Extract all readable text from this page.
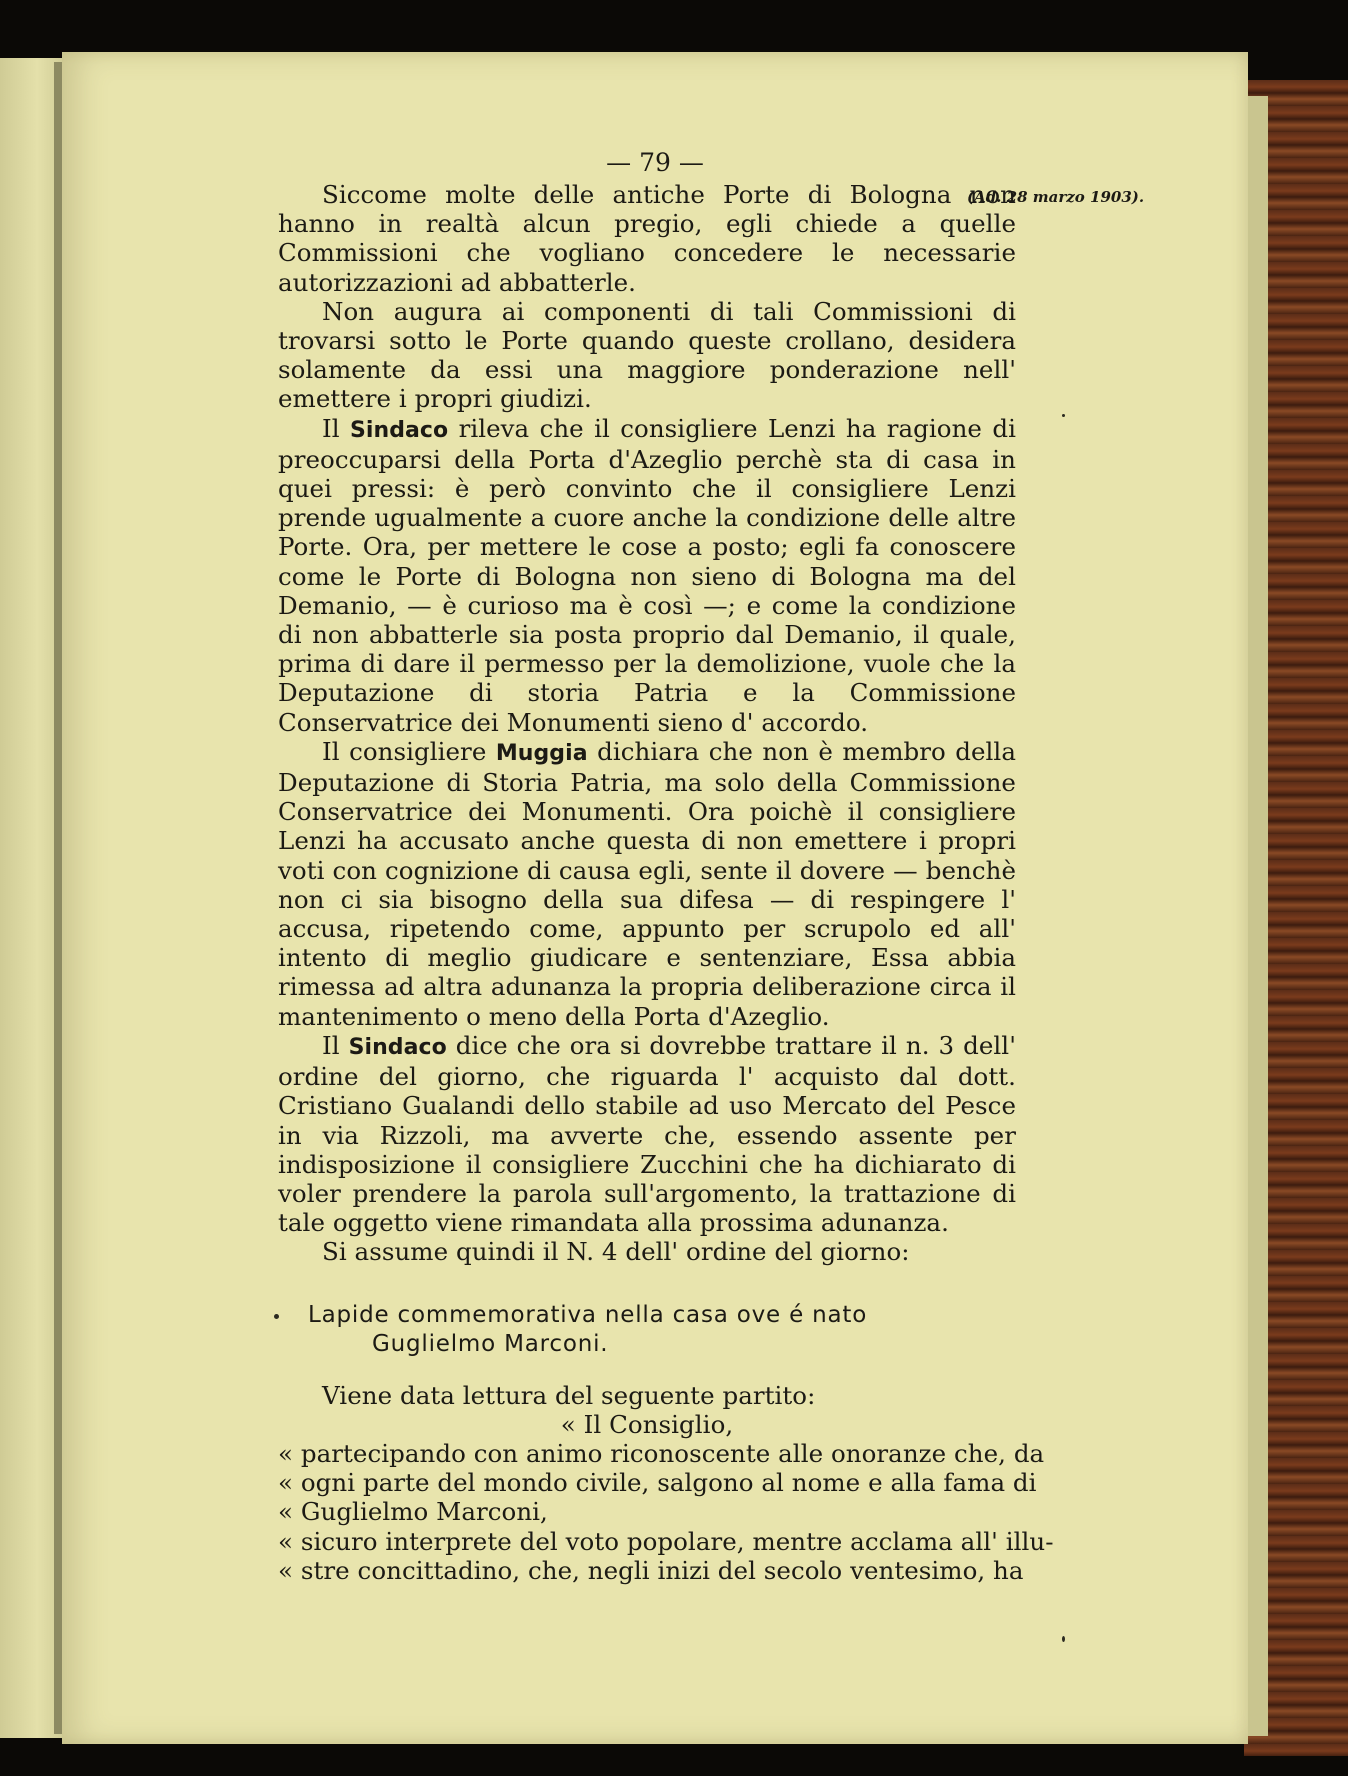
— 79 —
(Ad. 28 marzo 1903).

Siccome molte delle antiche Porte di Bologna non hanno in realtà alcun pregio, egli chiede a quelle Commissioni che vogliano concedere le necessarie autorizzazioni ad abbatterle.

Non augura ai componenti di tali Commissioni di trovarsi sotto le Porte quando queste crollano, desidera solamente da essi una maggiore ponderazione nell' emettere i propri giudizi.

Il Sindaco rileva che il consigliere Lenzi ha ragione di preoccuparsi della Porta d'Azeglio perchè sta di casa in quei pressi: è però convinto che il consigliere Lenzi prende ugualmente a cuore anche la condizione delle altre Porte. Ora, per mettere le cose a posto; egli fa conoscere come le Porte di Bologna non sieno di Bologna ma del Demanio, — è curioso ma è così —; e come la condizione di non abbatterle sia posta proprio dal Demanio, il quale, prima di dare il permesso per la demolizione, vuole che la Deputazione di storia Patria e la Commissione Conservatrice dei Monumenti sieno d' accordo.

Il consigliere Muggia dichiara che non è membro della Deputazione di Storia Patria, ma solo della Commissione Conservatrice dei Monumenti. Ora poichè il consigliere Lenzi ha accusato anche questa di non emettere i propri voti con cognizione di causa egli, sente il dovere — benchè non ci sia bisogno della sua difesa — di respingere l' accusa, ripetendo come, appunto per scrupolo ed all' intento di meglio giudicare e sentenziare, Essa abbia rimessa ad altra adunanza la propria deliberazione circa il mantenimento o meno della Porta d'Azeglio.

Il Sindaco dice che ora si dovrebbe trattare il n. 3 dell' ordine del giorno, che riguarda l' acquisto dal dott. Cristiano Gualandi dello stabile ad uso Mercato del Pesce in via Rizzoli, ma avverte che, essendo assente per indisposizione il consigliere Zucchini che ha dichiarato di voler prendere la parola sull'argomento, la trattazione di tale oggetto viene rimandata alla prossima adunanza.

Si assume quindi il N. 4 dell' ordine del giorno:

Lapide commemorativa nella casa ove é nato
Guglielmo Marconi.

Viene data lettura del seguente partito:

« Il Consiglio,

« partecipando con animo riconoscente alle onoranze che, da

« ogni parte del mondo civile, salgono al nome e alla fama di

« Guglielmo Marconi,

« sicuro interprete del voto popolare, mentre acclama all' illu-

« stre concittadino, che, negli inizi del secolo ventesimo, ha
